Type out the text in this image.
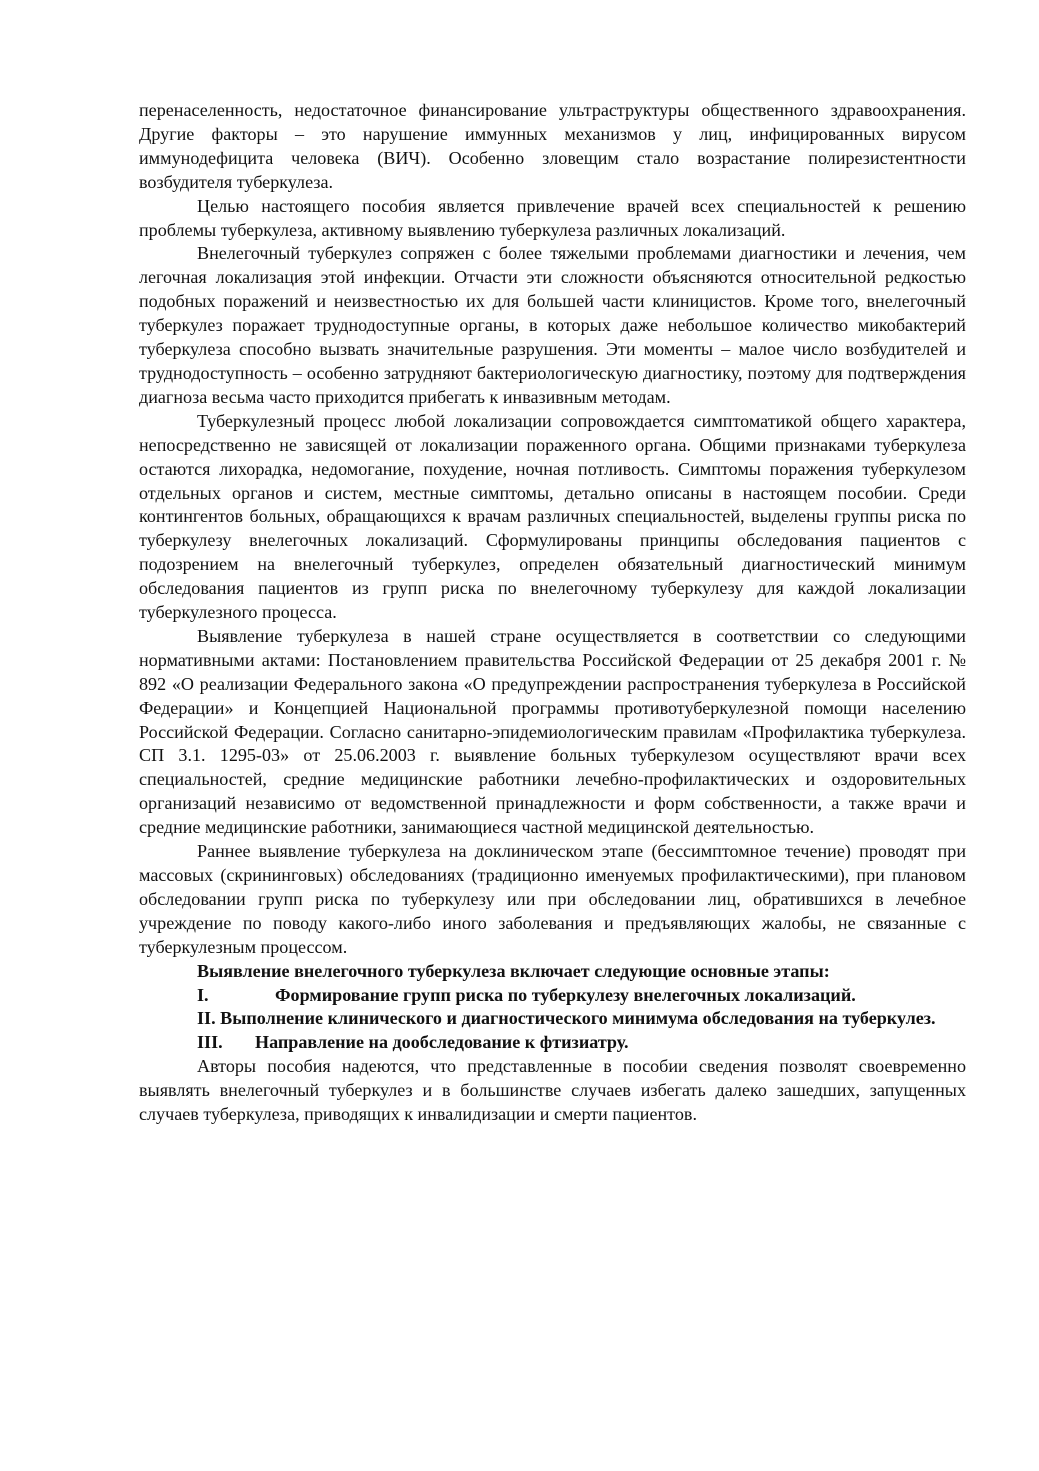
перенаселенность, недостаточное финансирование ультраструктуры общественного здравоохранения. Другие факторы – это нарушение иммунных механизмов у лиц, инфицированных вирусом иммунодефицита человека (ВИЧ). Особенно зловещим стало возрастание полирезистентности возбудителя туберкулеза.

Целью настоящего пособия является привлечение врачей всех специальностей к решению проблемы туберкулеза, активному выявлению туберкулеза различных локализаций.

Внелегочный туберкулез сопряжен с более тяжелыми проблемами диагностики и лечения, чем легочная локализация этой инфекции. Отчасти эти сложности объясняются относительной редкостью подобных поражений и неизвестностью их для большей части клиницистов. Кроме того, внелегочный туберкулез поражает труднодоступные органы, в которых даже небольшое количество микобактерий туберкулеза способно вызвать значительные разрушения. Эти моменты – малое число возбудителей и труднодоступность – особенно затрудняют бактериологическую диагностику, поэтому для подтверждения диагноза весьма часто приходится прибегать к инвазивным методам.

Туберкулезный процесс любой локализации сопровождается симптоматикой общего характера, непосредственно не зависящей от локализации пораженного органа. Общими признаками туберкулеза остаются лихорадка, недомогание, похудение, ночная потливость. Симптомы поражения туберкулезом отдельных органов и систем, местные симптомы, детально описаны в настоящем пособии. Среди контингентов больных, обращающихся к врачам различных специальностей, выделены группы риска по туберкулезу внелегочных локализаций. Сформулированы принципы обследования пациентов с подозрением на внелегочный туберкулез, определен обязательный диагностический минимум обследования пациентов из групп риска по внелегочному туберкулезу для каждой локализации туберкулезного процесса.

Выявление туберкулеза в нашей стране осуществляется в соответствии со следующими нормативными актами: Постановлением правительства Российской Федерации от 25 декабря 2001 г. № 892 «О реализации Федерального закона «О предупреждении распространения туберкулеза в Российской Федерации» и Концепцией Национальной программы противотуберкулезной помощи населению Российской Федерации. Согласно санитарно-эпидемиологическим правилам «Профилактика туберкулеза. СП 3.1. 1295-03» от 25.06.2003 г. выявление больных туберкулезом осуществляют врачи всех специальностей, средние медицинские работники лечебно-профилактических и оздоровительных организаций независимо от ведомственной принадлежности и форм собственности, а также врачи и средние медицинские работники, занимающиеся частной медицинской деятельностью.

Раннее выявление туберкулеза на доклиническом этапе (бессимптомное течение) проводят при массовых (скрининговых) обследованиях (традиционно именуемых профилактическими), при плановом обследовании групп риска по туберкулезу или при обследовании лиц, обратившихся в лечебное учреждение по поводу какого-либо иного заболевания и предъявляющих жалобы, не связанные с туберкулезным процессом.

Выявление внелегочного туберкулеза включает следующие основные этапы:

I.	Формирование групп риска по туберкулезу внелегочных локализаций.
II. Выполнение клинического и диагностического минимума обследования на туберкулез.
III. Направление на дообследование к фтизиатру.

Авторы пособия надеются, что представленные в пособии сведения позволят своевременно выявлять внелегочный туберкулез и в большинстве случаев избегать далеко зашедших, запущенных случаев туберкулеза, приводящих к инвалидизации и смерти пациентов.
